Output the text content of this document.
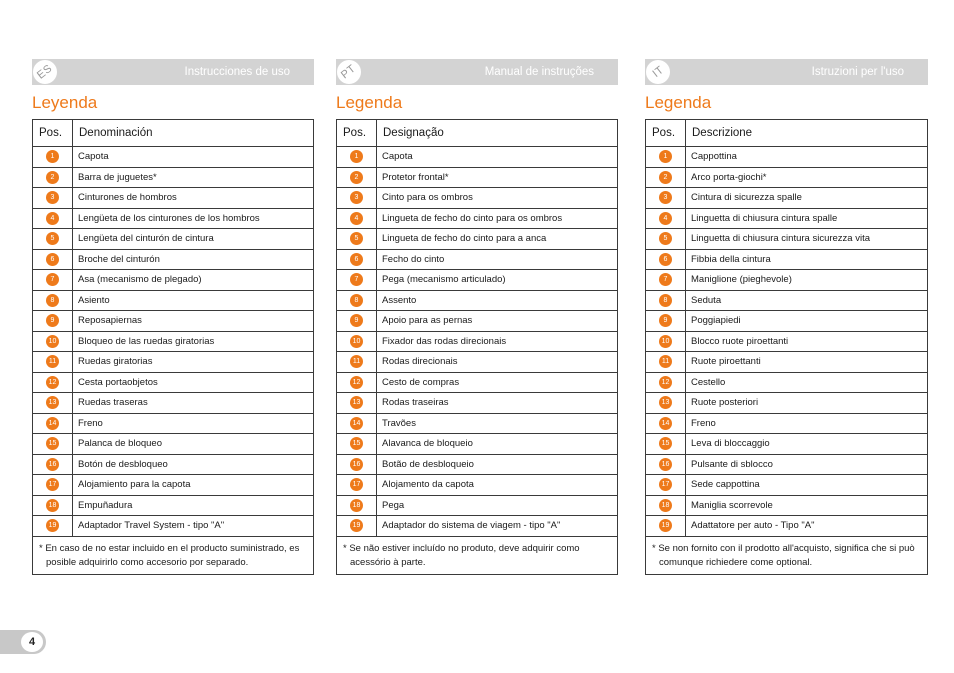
ES	Instrucciones de uso
Leyenda
Pos.	Denominación
1	Capota
2	Barra de juguetes*
3	Cinturones de hombros
4	Lengüeta de los cinturones de los hombros
5	Lengüeta del cinturón de cintura
6	Broche del cinturón
7	Asa (mecanismo de plegado)
8	Asiento
9	Reposapiernas
10	Bloqueo de las ruedas giratorias
11	Ruedas giratorias
12	Cesta portaobjetos
13	Ruedas traseras
14	Freno
15	Palanca de bloqueo
16	Botón de desbloqueo
17	Alojamiento para la capota
18	Empuñadura
19	Adaptador Travel System - tipo "A"
* En caso de no estar incluido en el producto suministrado, es
posible adquirirlo como accesorio por separado.	
PT	Manual de instruções
Legenda
Pos.	Designação
1	Capota
2	Protetor frontal*
3	Cinto para os ombros
4	Lingueta de fecho do cinto para os ombros
5	Lingueta de fecho do cinto para a anca
6	Fecho do cinto
7	Pega (mecanismo articulado)
8	Assento
9	Apoio para as pernas
10	Fixador das rodas direcionais
11	Rodas direcionais
12	Cesto de compras
13	Rodas traseiras
14	Travões
15	Alavanca de bloqueio
16	Botão de desbloqueio
17	Alojamento da capota
18	Pega
19	Adaptador do sistema de viagem - tipo "A"
* Se não estiver incluído no produto, deve adquirir como
acessório à parte.	
IT	Istruzioni per l'uso
Legenda
Pos.	Descrizione
1	Cappottina
2	Arco porta-giochi*
3	Cintura di sicurezza spalle
4	Linguetta di chiusura cintura spalle
5	Linguetta di chiusura cintura sicurezza vita
6	Fibbia della cintura
7	Maniglione (pieghevole)
8	Seduta
9	Poggiapiedi
10	Blocco ruote piroettanti
11	Ruote piroettanti
12	Cestello
13	Ruote posteriori
14	Freno
15	Leva di bloccaggio
16	Pulsante di sblocco
17	Sede cappottina
18	Maniglia scorrevole
19	Adattatore per auto - Tipo "A"
* Se non fornito con il prodotto all'acquisto, significa che si può
comunque richiedere come optional.	
4
